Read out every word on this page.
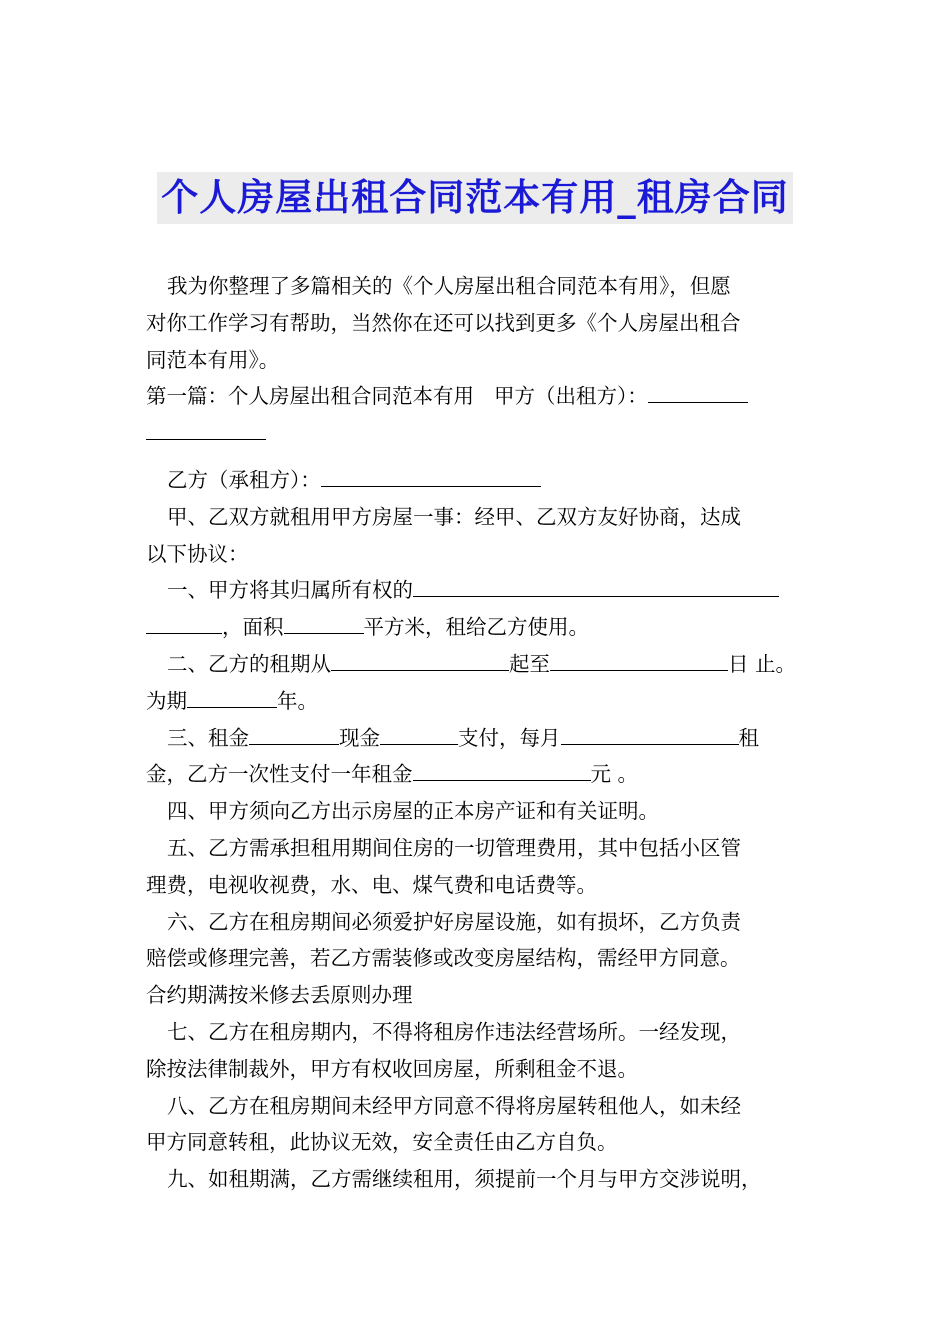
个人房屋出租合同范本有用_租房合同
我为你整理了多篇相关的《个人房屋出租合同范本有用》，但愿
对你工作学习有帮助，当然你在还可以找到更多《个人房屋出租合
同范本有用》。
第一篇：个人房屋出租合同范本有用 甲方（出租方）：
乙方（承租方）：
甲、乙双方就租用甲方房屋一事：经甲、乙双方友好协商，达成
以下协议：
一、甲方将其归属所有权的
，面积	平方米，租给乙方使用。
二、乙方的租期从	起至	日 止。
为期	年。
三、租金	现金	支付，每月	租
金，乙方一次性支付一年租金	元 。
四、甲方须向乙方出示房屋的正本房产证和有关证明。
五、乙方需承担租用期间住房的一切管理费用，其中包括小区管
理费，电视收视费，水、电、煤气费和电话费等。
六、乙方在租房期间必须爱护好房屋设施，如有损坏，乙方负责
赔偿或修理完善，若乙方需装修或改变房屋结构，需经甲方同意。
合约期满按米修去丢原则办理
七、乙方在租房期内，不得将租房作违法经营场所。一经发现，
除按法律制裁外，甲方有权收回房屋，所剩租金不退。
八、乙方在租房期间未经甲方同意不得将房屋转租他人，如未经
甲方同意转租，此协议无效，安全责任由乙方自负。
九、如租期满，乙方需继续租用，须提前一个月与甲方交涉说明，
